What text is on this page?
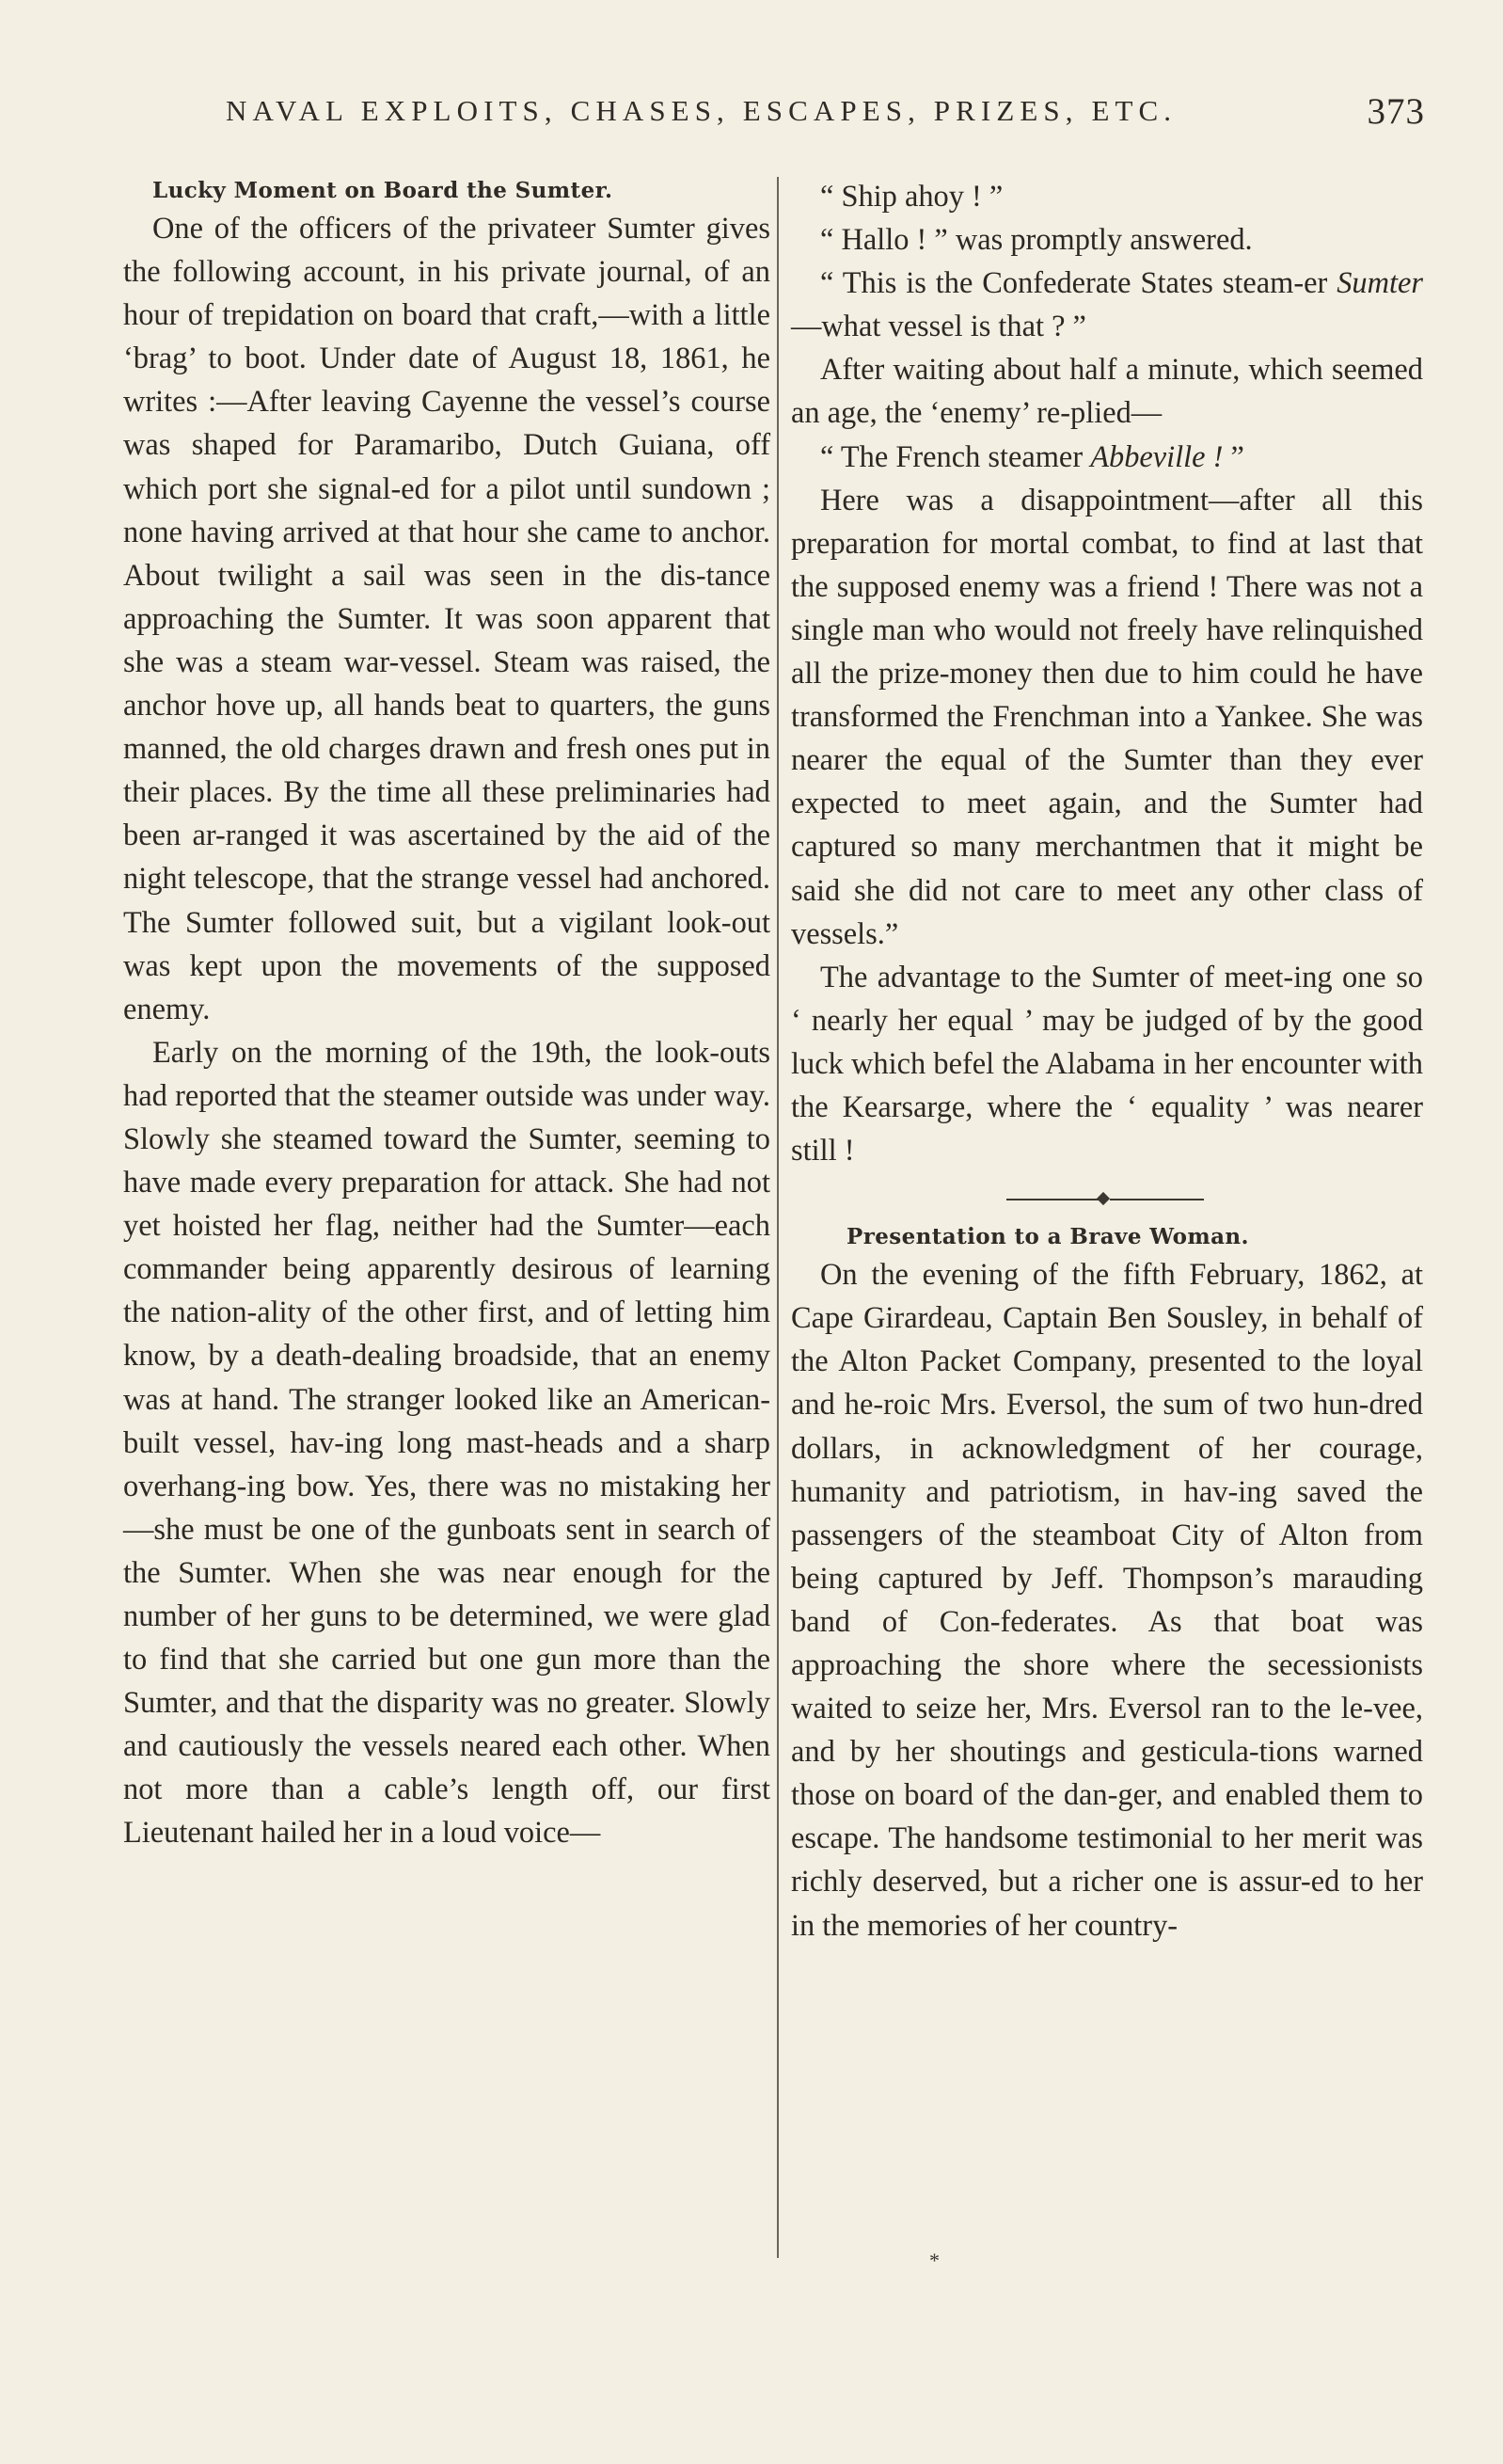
NAVAL EXPLOITS, CHASES, ESCAPES, PRIZES, ETC.	373

Lucky Moment on Board the Sumter.

One of the officers of the privateer Sumter gives the following account, in his private journal, of an hour of trepidation on board that craft,—with a little ‘brag’ to boot. Under date of August 18, 1861, he writes :—After leaving Cayenne the vessel’s course was shaped for Paramaribo, Dutch Guiana, off which port she signal-ed for a pilot until sundown ; none having arrived at that hour she came to anchor. About twilight a sail was seen in the dis-tance approaching the Sumter. It was soon apparent that she was a steam war-vessel. Steam was raised, the anchor hove up, all hands beat to quarters, the guns manned, the old charges drawn and fresh ones put in their places. By the time all these preliminaries had been ar-ranged it was ascertained by the aid of the night telescope, that the strange vessel had anchored. The Sumter followed suit, but a vigilant look-out was kept upon the movements of the supposed enemy.

Early on the morning of the 19th, the look-outs had reported that the steamer outside was under way. Slowly she steamed toward the Sumter, seeming to have made every preparation for attack. She had not yet hoisted her flag, neither had the Sumter—each commander being apparently desirous of learning the nation-ality of the other first, and of letting him know, by a death-dealing broadside, that an enemy was at hand. The stranger looked like an American-built vessel, hav-ing long mast-heads and a sharp overhang-ing bow. Yes, there was no mistaking her—she must be one of the gunboats sent in search of the Sumter. When she was near enough for the number of her guns to be determined, we were glad to find that she carried but one gun more than the Sumter, and that the disparity was no greater. Slowly and cautiously the vessels neared each other. When not more than a cable’s length off, our first Lieutenant hailed her in a loud voice—

“ Ship ahoy ! ”

“ Hallo ! ” was promptly answered.

“ This is the Confederate States steam-er Sumter—what vessel is that ? ”

After waiting about half a minute, which seemed an age, the ‘enemy’ re-plied—

“ The French steamer Abbeville ! ”

Here was a disappointment—after all this preparation for mortal combat, to find at last that the supposed enemy was a friend ! There was not a single man who would not freely have relinquished all the prize-money then due to him could he have transformed the Frenchman into a Yankee. She was nearer the equal of the Sumter than they ever expected to meet again, and the Sumter had captured so many merchantmen that it might be said she did not care to meet any other class of vessels.”

The advantage to the Sumter of meet-ing one so ‘ nearly her equal ’ may be judged of by the good luck which befel the Alabama in her encounter with the Kearsarge, where the ‘ equality ’ was nearer still !

Presentation to a Brave Woman.

On the evening of the fifth February, 1862, at Cape Girardeau, Captain Ben Sousley, in behalf of the Alton Packet Company, presented to the loyal and he-roic Mrs. Eversol, the sum of two hun-dred dollars, in acknowledgment of her courage, humanity and patriotism, in hav-ing saved the passengers of the steamboat City of Alton from being captured by Jeff. Thompson’s marauding band of Con-federates. As that boat was approaching the shore where the secessionists waited to seize her, Mrs. Eversol ran to the le-vee, and by her shoutings and gesticula-tions warned those on board of the dan-ger, and enabled them to escape. The handsome testimonial to her merit was richly deserved, but a richer one is assur-ed to her in the memories of her country-

*
